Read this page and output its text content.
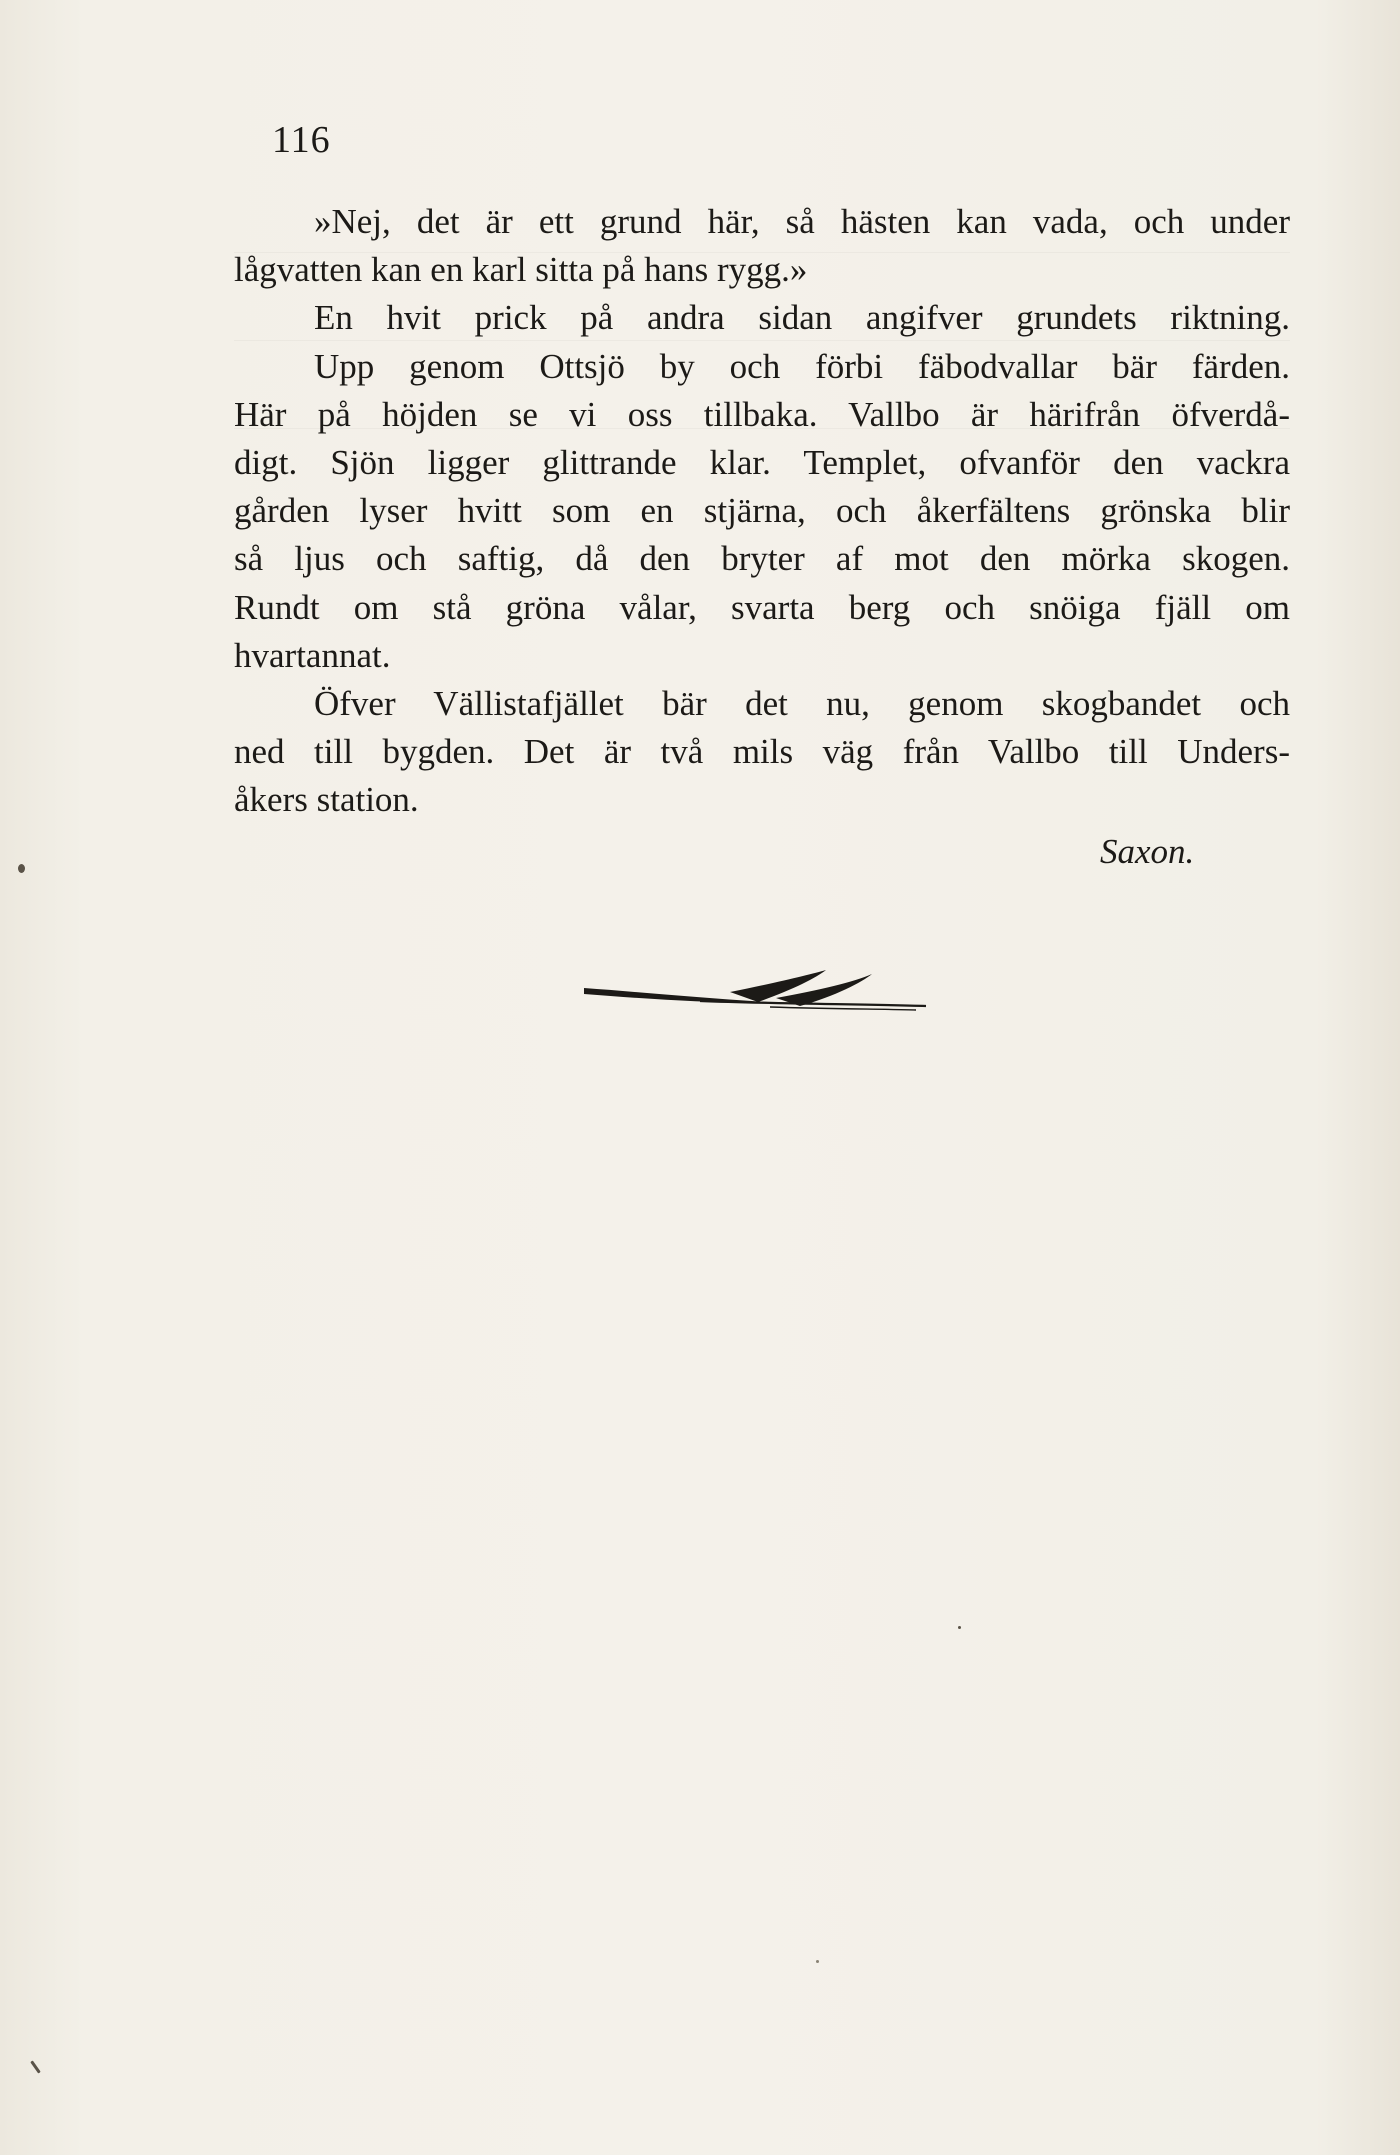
116

»Nej, det är ett grund här, så hästen kan vada, och under
lågvatten kan en karl sitta på hans rygg.»

En hvit prick på andra sidan angifver grundets riktning.

Upp genom Ottsjö by och förbi fäbodvallar bär färden.
Här på höjden se vi oss tillbaka. Vallbo är härifrån öfverdå-
digt. Sjön ligger glittrande klar. Templet, ofvanför den vackra
gården lyser hvitt som en stjärna, och åkerfältens grönska blir
så ljus och saftig, då den bryter af mot den mörka skogen.
Rundt om stå gröna vålar, svarta berg och snöiga fjäll om
hvartannat.

Öfver Vällistafjället bär det nu, genom skogbandet och
ned till bygden. Det är två mils väg från Vallbo till Unders-
åkers station.

Saxon.
